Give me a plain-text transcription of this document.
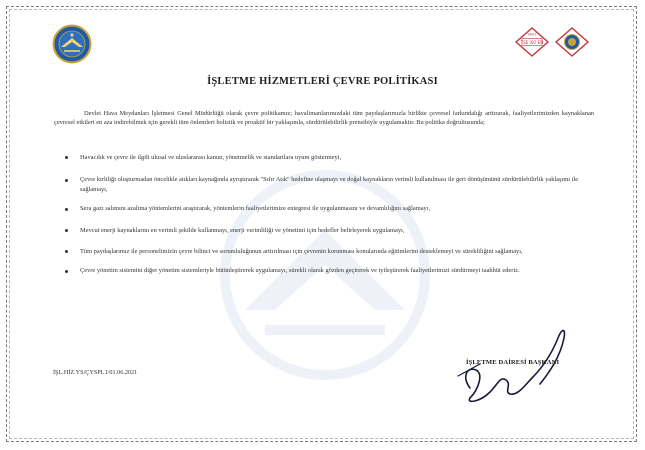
TSE ISO EN
9001
İŞLETME HİZMETLERİ ÇEVRE POLİTİKASI
Devlet Hava Meydanları İşletmesi Genel Müdürlüğü olarak çevre politikamız; havalimanlarımızdaki tüm paydaşlarımızla birlikte çevresel farkındalığı arttırarak, faaliyetlerimizden kaynaklanan çevresel etkileri en aza indirebilmek için gerekli tüm önlemleri holistik ve proaktif bir yaklaşımla, sürdürülebilirlik prensibiyle uygulamaktır. Bu politika doğrultusunda;
Havacılık ve çevre ile ilgili ulusal ve uluslararası kanun, yönetmelik ve standartlara uyum göstermeyi,
Çevre kirliliği oluşturmadan öncelikle atıkları kaynağında ayrıştırarak "Sıfır Atık" hedefine ulaşmayı ve doğal kaynakların verimli kullanılması ile geri dönüşümünü sürdürülebilirlik yaklaşımı ile sağlamayı,
Sera gazı salımını azaltma yöntemlerini araştırarak, yöntemlerin faaliyetlerimize entegresi ile uygulanmasını ve devamlılığını sağlamayı,
Mevcut enerji kaynaklarını en verimli şekilde kullanmayı, enerji verimliliği ve yönetimi için hedefler belirleyerek uygulamayı,
Tüm paydaşlarımız ile personelimizin çevre bilinci ve sorumluluğunun arttırılması için çevrenin korunması konularında eğitimlerini desteklemeyi ve sürekliliğini sağlamayı,
Çevre yönetim sistemini diğer yönetim sistemleriyle bütünleştirerek uygulamayı, sürekli olarak gözden geçirerek ve iyileştirerek faaliyetlerimizi sürdürmeyi taahhüt ederiz.
İŞLETME DAİRESİ BAŞKANI
İŞL.HİZ.YS/ÇYSPL1/01.06.2021
